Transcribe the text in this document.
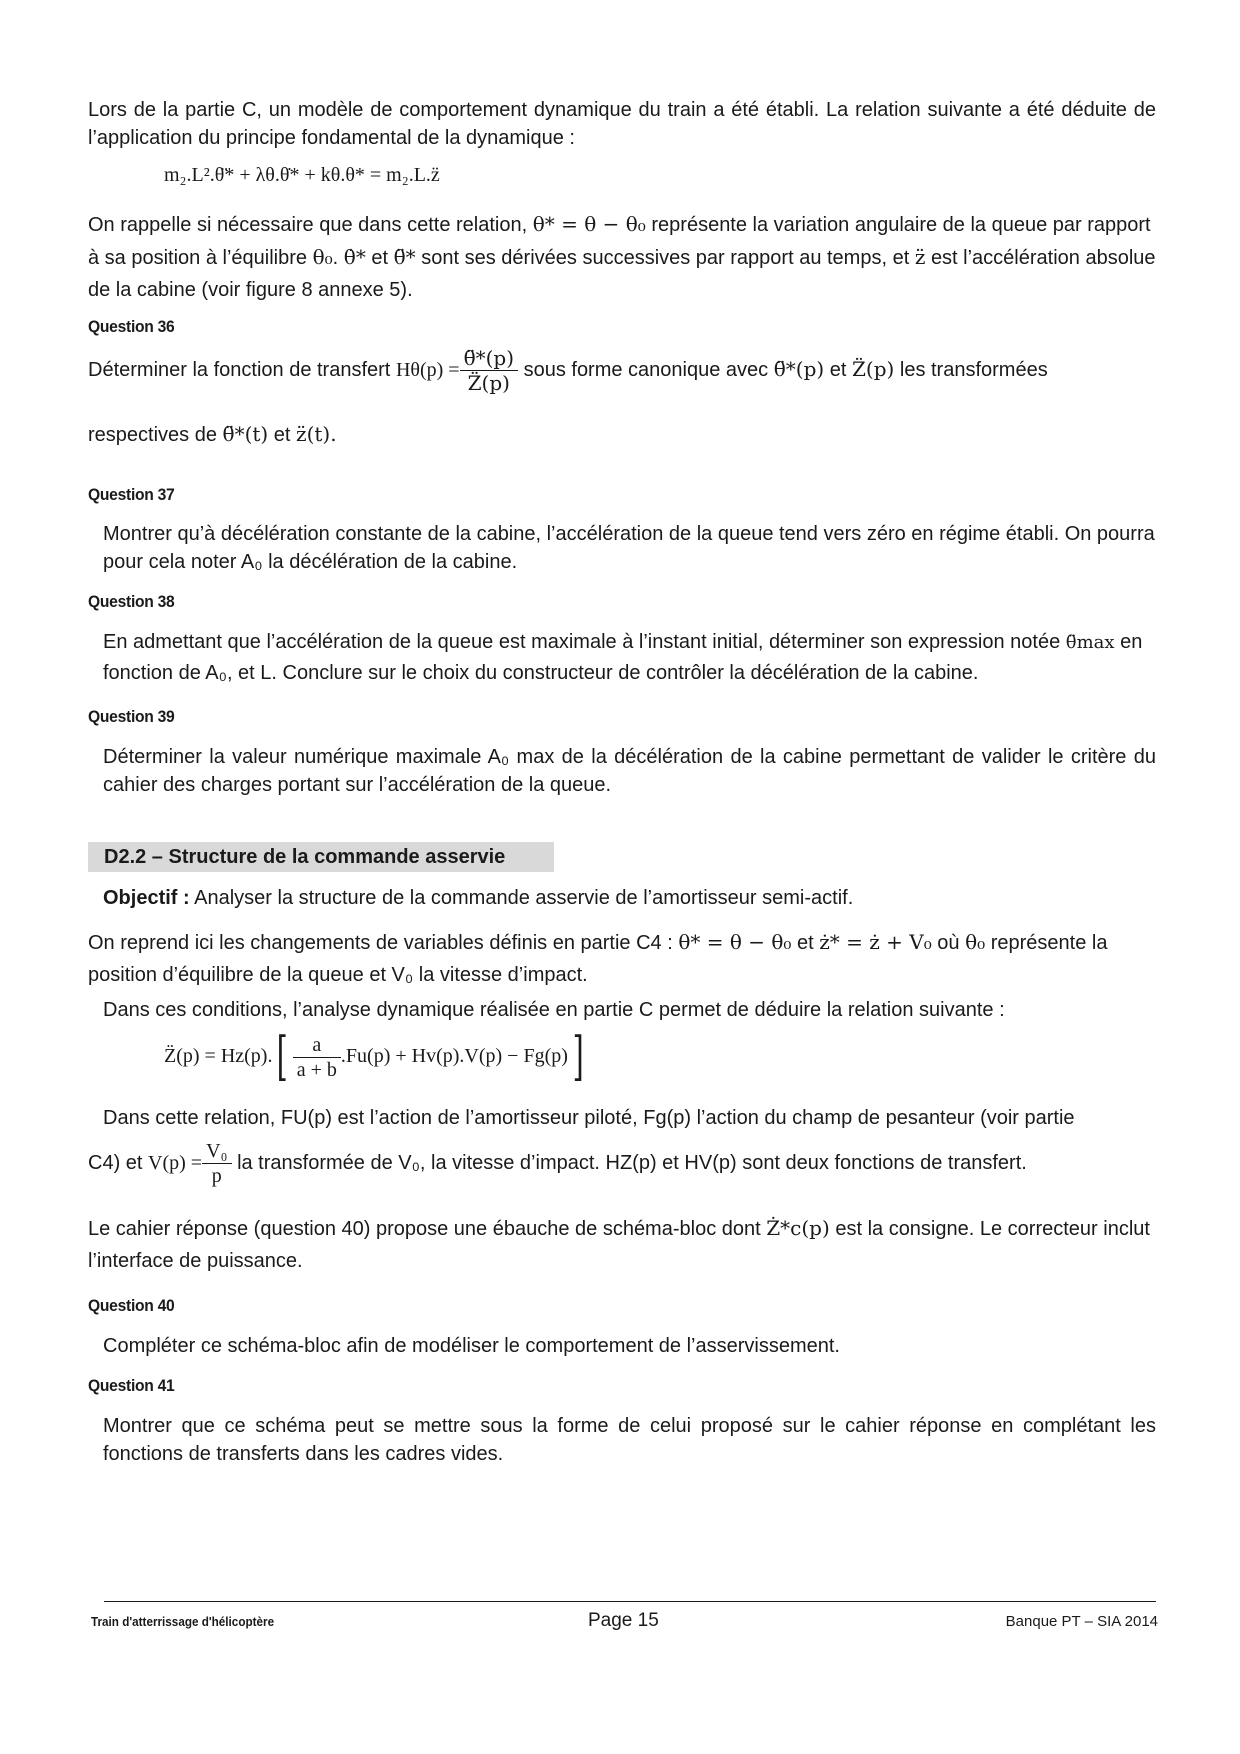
Lors de la partie C, un modèle de comportement dynamique du train a été établi. La relation suivante a été déduite de l’application du principe fondamental de la dynamique :

m₂.L².θ̈* + λθ.θ̇* + kθ.θ* = m₂.L.z̈

On rappelle si nécessaire que dans cette relation, θ* = θ − θ₀ représente la variation angulaire de la queue par rapport à sa position à l’équilibre θ₀. θ̇* et θ̈* sont ses dérivées successives par rapport au temps, et z̈ est l’accélération absolue de la cabine (voir figure 8 annexe 5).

Question 36
Déterminer la fonction de transfert $H\theta(p) = \frac{\thetä*(p)}{Z̈(p)}$ sous forme canonique avec θ̈*(p) et Z̈(p) les transformées
respectives de θ̈*(t) et z̈(t).
Question 37

Montrer qu’à décélération constante de la cabine, l’accélération de la queue tend vers zéro en régime établi. On pourra pour cela noter A₀ la décélération de la cabine.

Question 38

En admettant que l’accélération de la queue est maximale à l’instant initial, déterminer son expression notée θ̈max en fonction de A₀, et L. Conclure sur le choix du constructeur de contrôler la décélération de la cabine.

Question 39

Déterminer la valeur numérique maximale A₀ max de la décélération de la cabine permettant de valider le critère du cahier des charges portant sur l’accélération de la queue.

D2.2 – Structure de la commande asservie

Objectif : Analyser la structure de la commande asservie de l’amortisseur semi-actif.

On reprend ici les changements de variables définis en partie C4 : θ* = θ − θ₀ et ż* = ż + V₀ où θ₀ représente la position d’équilibre de la queue et V₀ la vitesse d’impact.

Dans ces conditions, l’analyse dynamique réalisée en partie C permet de déduire la relation suivante :

Z̈(p) = $Hz(p).[ \frac{a}{a + b} .Fu(p) + Hv(p).V(p) - Fg(p)]$

Dans cette relation, FU(p) est l’action de l’amortisseur piloté, Fg(p) l’action du champ de pesanteur (voir partie

C4) et $V(p) = \frac{\text{V₀}}{p}$ la transformée de V₀, la vitesse d’impact. HZ(p) et HV(p) sont deux fonctions de transfert.

Le cahier réponse (question 40) propose une ébauche de schéma-bloc dont Ż*c(p) est la consigne. Le correcteur inclut l’interface de puissance.

Question 40

Compléter ce schéma-bloc afin de modéliser le comportement de l’asservissement.

Question 41

Montrer que ce schéma peut se mettre sous la forme de celui proposé sur le cahier réponse en complétant les fonctions de transferts dans les cadres vides.

Train d'atterrissage d'hélicoptère	Page 15	Banque PT – SIA 2014
